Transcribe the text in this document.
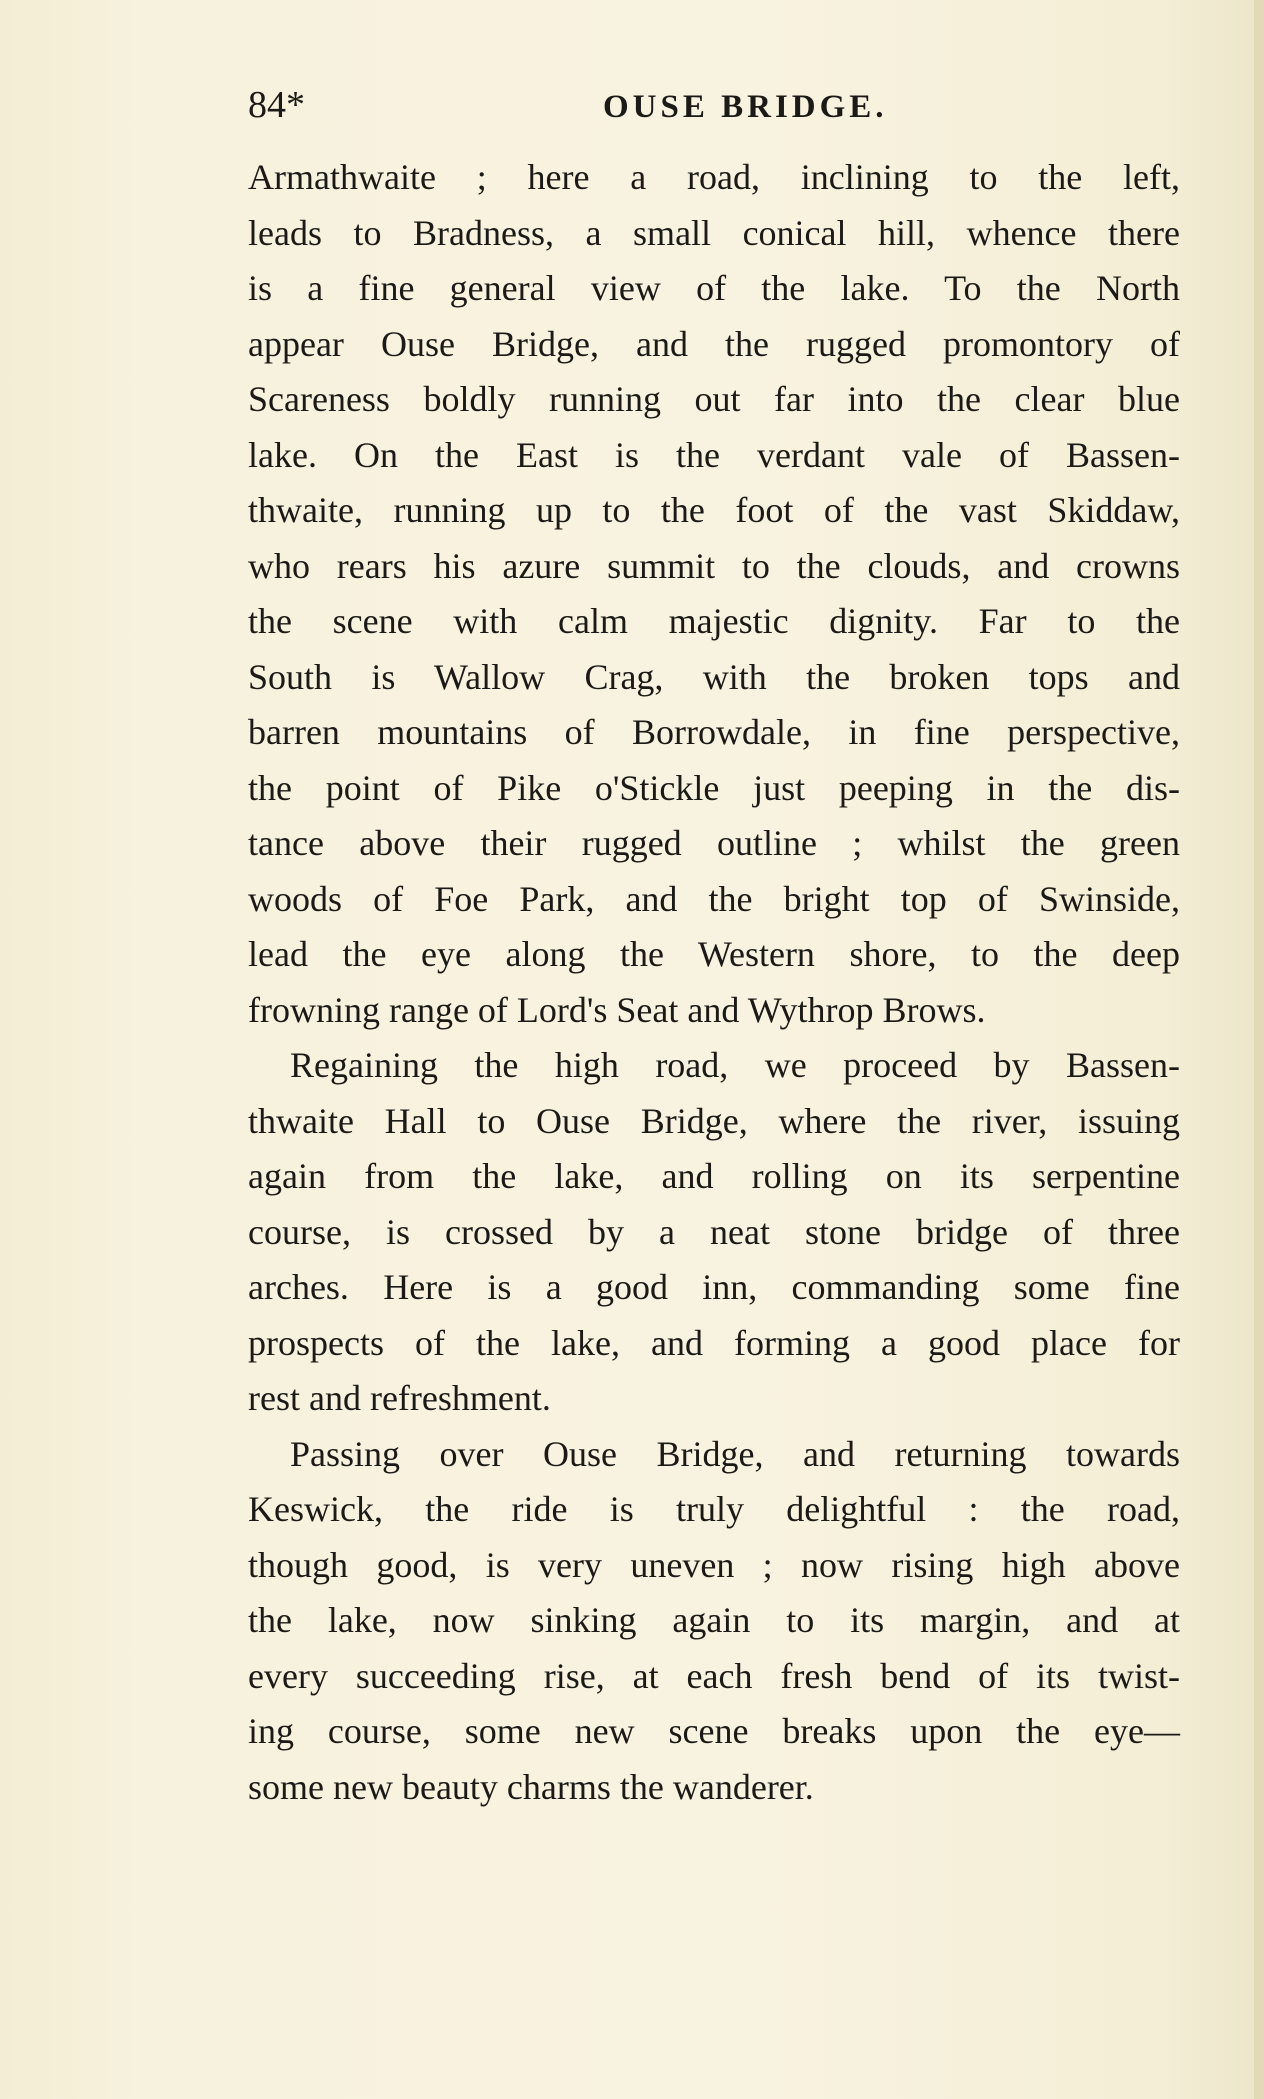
84*	OUSE BRIDGE.
Armathwaite ; here a road, inclining to the left,
leads to Bradness, a small conical hill, whence there
is a fine general view of the lake. To the North
appear Ouse Bridge, and the rugged promontory of
Scareness boldly running out far into the clear blue
lake. On the East is the verdant vale of Bassen-
thwaite, running up to the foot of the vast Skiddaw,
who rears his azure summit to the clouds, and crowns
the scene with calm majestic dignity. Far to the
South is Wallow Crag, with the broken tops and
barren mountains of Borrowdale, in fine perspective,
the point of Pike o'Stickle just peeping in the dis-
tance above their rugged outline ; whilst the green
woods of Foe Park, and the bright top of Swinside,
lead the eye along the Western shore, to the deep
frowning range of Lord's Seat and Wythrop Brows.
Regaining the high road, we proceed by Bassen-
thwaite Hall to Ouse Bridge, where the river, issuing
again from the lake, and rolling on its serpentine
course, is crossed by a neat stone bridge of three
arches. Here is a good inn, commanding some fine
prospects of the lake, and forming a good place for
rest and refreshment.
Passing over Ouse Bridge, and returning towards
Keswick, the ride is truly delightful : the road,
though good, is very uneven ; now rising high above
the lake, now sinking again to its margin, and at
every succeeding rise, at each fresh bend of its twist-
ing course, some new scene breaks upon the eye—
some new beauty charms the wanderer.
